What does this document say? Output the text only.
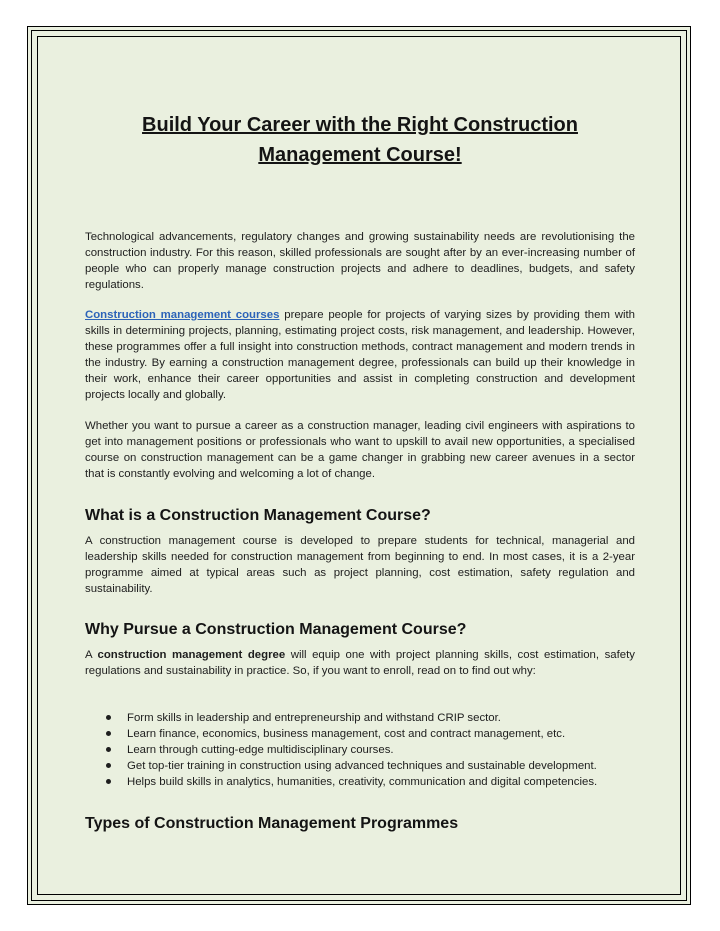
Build Your Career with the Right Construction
Management Course!

Technological advancements, regulatory changes and growing sustainability needs are revolutionising the construction industry. For this reason, skilled professionals are sought after by an ever-increasing number of people who can properly manage construction projects and adhere to deadlines, budgets, and safety regulations.

Construction management courses prepare people for projects of varying sizes by providing them with skills in determining projects, planning, estimating project costs, risk management, and leadership. However, these programmes offer a full insight into construction methods, contract management and modern trends in the industry. By earning a construction management degree, professionals can build up their knowledge in their work, enhance their career opportunities and assist in completing construction and development projects locally and globally.

Whether you want to pursue a career as a construction manager, leading civil engineers with aspirations to get into management positions or professionals who want to upskill to avail new opportunities, a specialised course on construction management can be a game changer in grabbing new career avenues in a sector that is constantly evolving and welcoming a lot of change.

What is a Construction Management Course?

A construction management course is developed to prepare students for technical, managerial and leadership skills needed for construction management from beginning to end. In most cases, it is a 2-year programme aimed at typical areas such as project planning, cost estimation, safety regulation and sustainability.

Why Pursue a Construction Management Course?

A construction management degree will equip one with project planning skills, cost estimation, safety regulations and sustainability in practice. So, if you want to enroll, read on to find out why:

Form skills in leadership and entrepreneurship and withstand CRIP sector.
Learn finance, economics, business management, cost and contract management, etc.
Learn through cutting-edge multidisciplinary courses.
Get top-tier training in construction using advanced techniques and sustainable development.
Helps build skills in analytics, humanities, creativity, communication and digital competencies.
Types of Construction Management Programmes
